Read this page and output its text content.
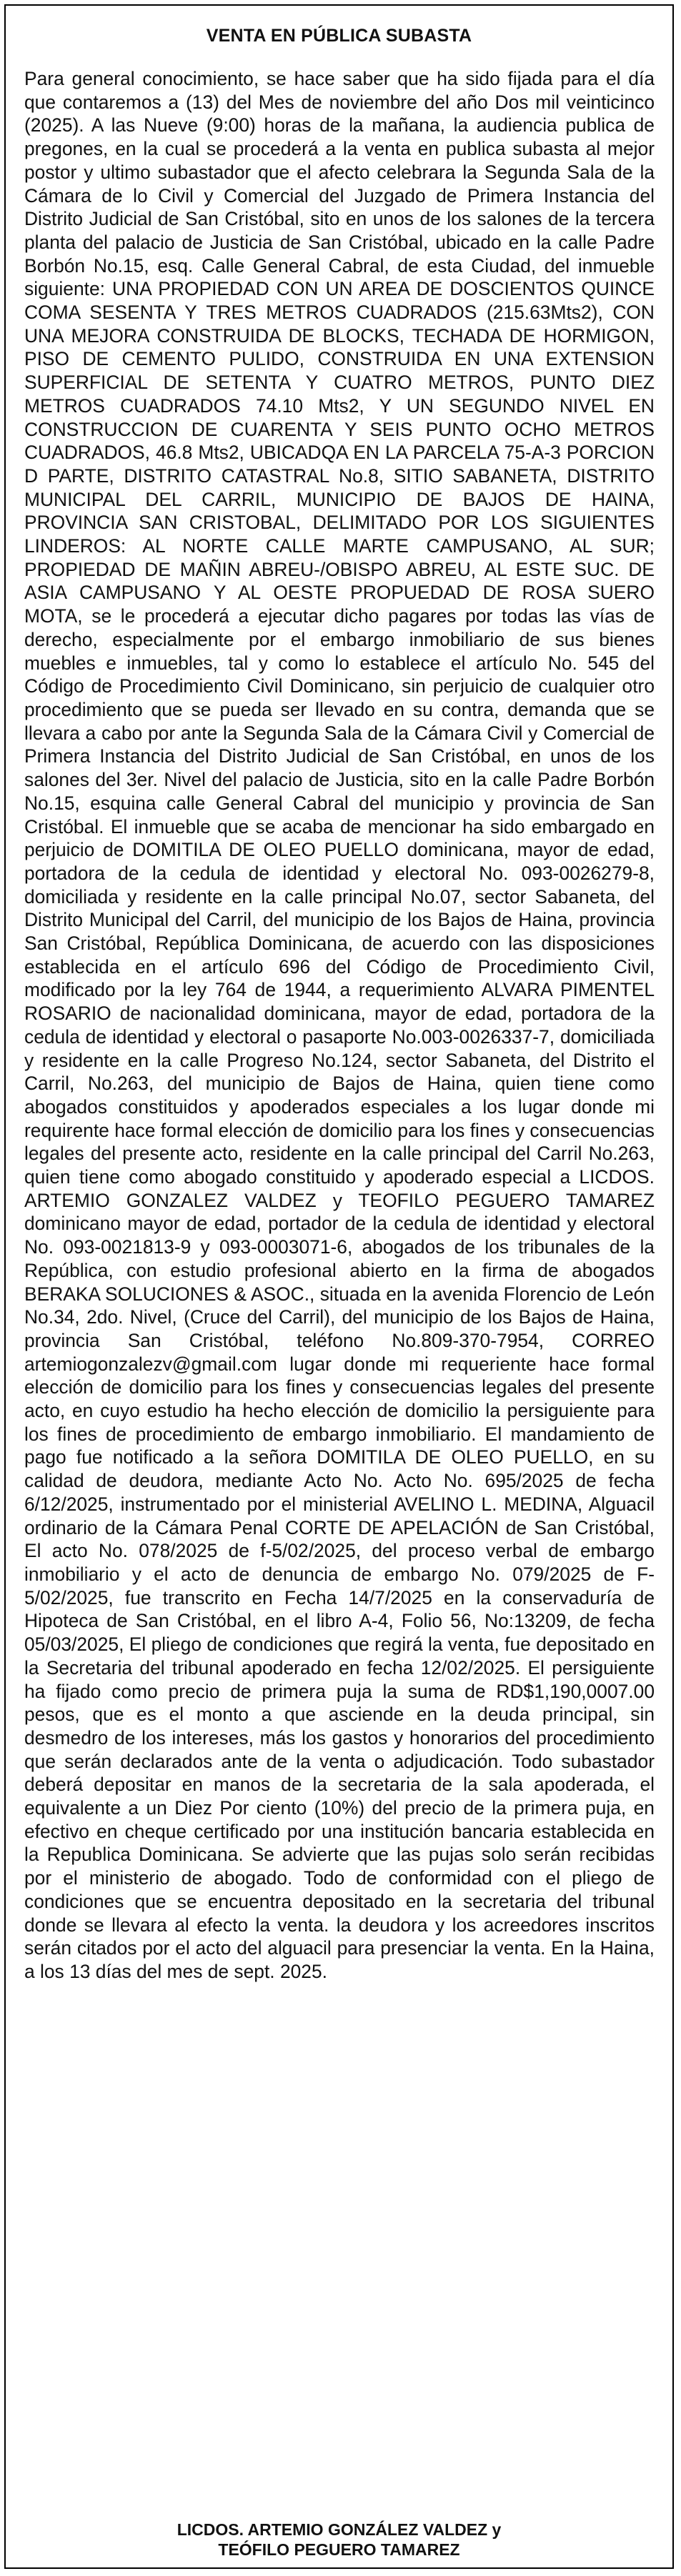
VENTA EN PÚBLICA SUBASTA

Para general conocimiento, se hace saber que ha sido fijada para el día que contaremos a (13) del Mes de noviembre del año Dos mil veinticinco (2025). A las Nueve (9:00) horas de la mañana, la audiencia publica de pregones, en la cual se procederá a la venta en publica subasta al mejor postor y ultimo subastador que el afecto celebrara la Segunda Sala de la Cámara de lo Civil y Comercial del Juzgado de Primera Instancia del Distrito Judicial de San Cristóbal, sito en unos de los salones de la tercera planta del palacio de Justicia de San Cristóbal, ubicado en la calle Padre Borbón No.15, esq. Calle General Cabral, de esta Ciudad, del inmueble siguiente: UNA PROPIEDAD CON UN AREA DE DOSCIENTOS QUINCE COMA SESENTA Y TRES METROS CUADRADOS (215.63Mts2), CON UNA MEJORA CONSTRUIDA DE BLOCKS, TECHADA DE HORMIGON, PISO DE CEMENTO PULIDO, CONSTRUIDA EN UNA EXTENSION SUPERFICIAL DE SETENTA Y CUATRO METROS, PUNTO DIEZ METROS CUADRADOS 74.10 Mts2, Y UN SEGUNDO NIVEL EN CONSTRUCCION DE CUARENTA Y SEIS PUNTO OCHO METROS CUADRADOS, 46.8 Mts2, UBICADQA EN LA PARCELA 75-A-3 PORCION D PARTE, DISTRITO CATASTRAL No.8, SITIO SABANETA, DISTRITO MUNICIPAL DEL CARRIL, MUNICIPIO DE BAJOS DE HAINA, PROVINCIA SAN CRISTOBAL, DELIMITADO POR LOS SIGUIENTES LINDEROS: AL NORTE CALLE MARTE CAMPUSANO, AL SUR; PROPIEDAD DE MAÑIN ABREU-/OBISPO ABREU, AL ESTE SUC. DE ASIA CAMPUSANO Y AL OESTE PROPUEDAD DE ROSA SUERO MOTA, se le procederá a ejecutar dicho pagares por todas las vías de derecho, especialmente por el embargo inmobiliario de sus bienes muebles e inmuebles, tal y como lo establece el artículo No. 545 del Código de Procedimiento Civil Dominicano, sin perjuicio de cualquier otro procedimiento que se pueda ser llevado en su contra, demanda que se llevara a cabo por ante la Segunda Sala de la Cámara Civil y Comercial de Primera Instancia del Distrito Judicial de San Cristóbal, en unos de los salones del 3er. Nivel del palacio de Justicia, sito en la calle Padre Borbón No.15, esquina calle General Cabral del municipio y provincia de San Cristóbal. El inmueble que se acaba de mencionar ha sido embargado en perjuicio de DOMITILA DE OLEO PUELLO dominicana, mayor de edad, portadora de la cedula de identidad y electoral No. 093-0026279-8, domiciliada y residente en la calle principal No.07, sector Sabaneta, del Distrito Municipal del Carril, del municipio de los Bajos de Haina, provincia San Cristóbal, República Dominicana, de acuerdo con las disposiciones establecida en el artículo 696 del Código de Procedimiento Civil, modificado por la ley 764 de 1944, a requerimiento ALVARA PIMENTEL ROSARIO de nacionalidad dominicana, mayor de edad, portadora de la cedula de identidad y electoral o pasaporte No.003-0026337-7, domiciliada y residente en la calle Progreso No.124, sector Sabaneta, del Distrito el Carril, No.263, del municipio de Bajos de Haina, quien tiene como abogados constituidos y apoderados especiales a los lugar donde mi requirente hace formal elección de domicilio para los fines y consecuencias legales del presente acto, residente en la calle principal del Carril No.263, quien tiene como abogado constituido y apoderado especial a LICDOS. ARTEMIO GONZALEZ VALDEZ y TEOFILO PEGUERO TAMAREZ dominicano mayor de edad, portador de la cedula de identidad y electoral No. 093-0021813-9 y 093-0003071-6, abogados de los tribunales de la República, con estudio profesional abierto en la firma de abogados BERAKA SOLUCIONES & ASOC., situada en la avenida Florencio de León No.34, 2do. Nivel, (Cruce del Carril), del municipio de los Bajos de Haina, provincia San Cristóbal, teléfono No.809-370-7954, CORREO artemiogonzalezv@gmail.com lugar donde mi requeriente hace formal elección de domicilio para los fines y consecuencias legales del presente acto, en cuyo estudio ha hecho elección de domicilio la persiguiente para los fines de procedimiento de embargo inmobiliario. El mandamiento de pago fue notificado a la señora DOMITILA DE OLEO PUELLO, en su calidad de deudora, mediante Acto No. Acto No. 695/2025 de fecha 6/12/2025, instrumentado por el ministerial AVELINO L. MEDINA, Alguacil ordinario de la Cámara Penal CORTE DE APELACIÓN de San Cristóbal, El acto No. 078/2025 de f-5/02/2025, del proceso verbal de embargo inmobiliario y el acto de denuncia de embargo No. 079/2025 de F-5/02/2025, fue transcrito en Fecha 14/7/2025 en la conservaduría de Hipoteca de San Cristóbal, en el libro A-4, Folio 56, No:13209, de fecha 05/03/2025, El pliego de condiciones que regirá la venta, fue depositado en la Secretaria del tribunal apoderado en fecha 12/02/2025. El persiguiente ha fijado como precio de primera puja la suma de RD$1,190,0007.00 pesos, que es el monto a que asciende en la deuda principal, sin desmedro de los intereses, más los gastos y honorarios del procedimiento que serán declarados ante de la venta o adjudicación. Todo subastador deberá depositar en manos de la secretaria de la sala apoderada, el equivalente a un Diez Por ciento (10%) del precio de la primera puja, en efectivo en cheque certificado por una institución bancaria establecida en la Republica Dominicana. Se advierte que las pujas solo serán recibidas por el ministerio de abogado. Todo de conformidad con el pliego de condiciones que se encuentra depositado en la secretaria del tribunal donde se llevara al efecto la venta. la deudora y los acreedores inscritos serán citados por el acto del alguacil para presenciar la venta. En la Haina, a los 13 días del mes de sept. 2025.

LICDOS. ARTEMIO GONZÁLEZ VALDEZ y
TEÓFILO PEGUERO TAMAREZ
